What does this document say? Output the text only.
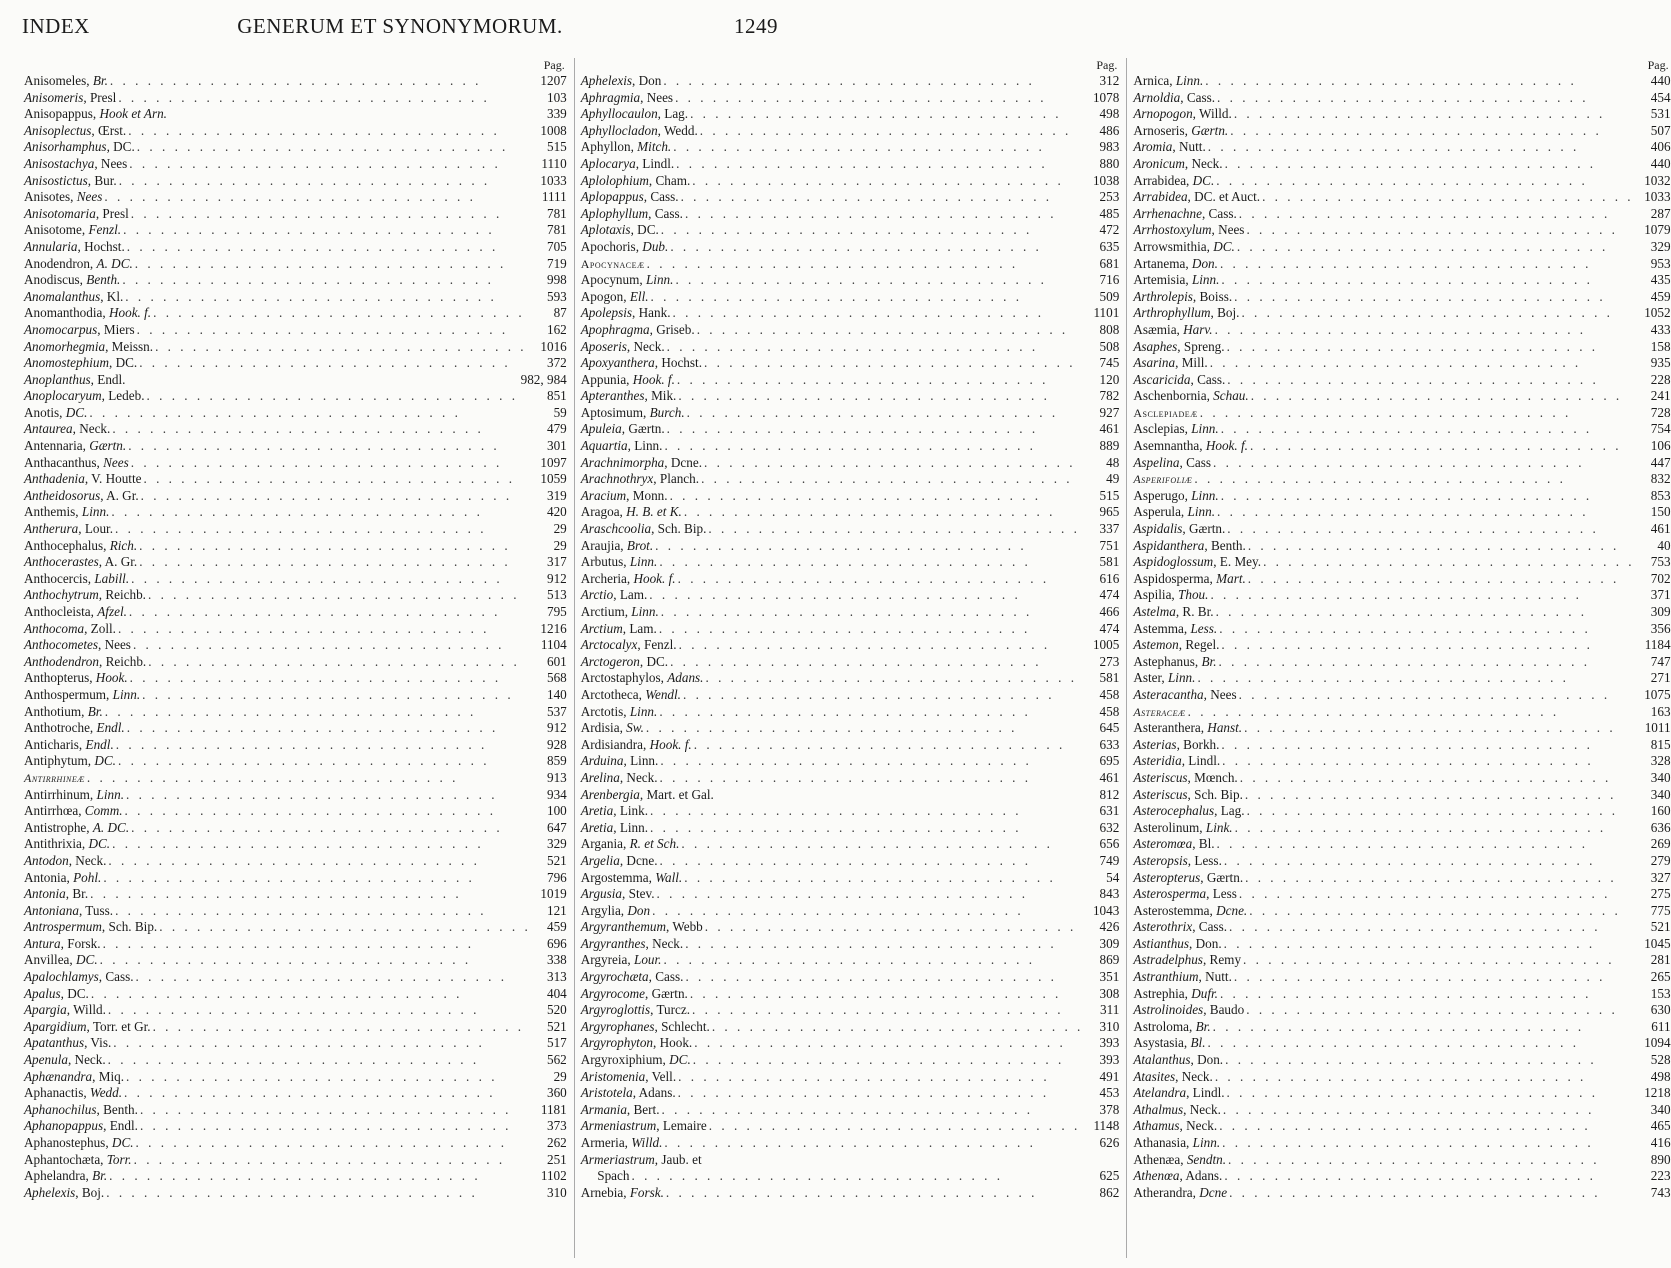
INDEX	GENERUM ET SYNONYMORUM.	1249
Pag.
Anisomeles, Br. . . .	1207
Anisomeris, Presl . . .	103
Anisopappus, Hook et Arn.	339
Anisoplectus, Œrst. . . .	1008
Anisorhamphus, DC. . . .	515
Anisostachya, Nees . . .	1110
Anisostictus, Bur. . . .	1033
Anisotes, Nees . . .	1111
Anisotomaria, Presl . . .	781
Anisotome, Fenzl. . . .	781
Annularia, Hochst. . . .	705
Anodendron, A. DC. . . .	719
Anodiscus, Benth. . . .	998
Anomalanthus, Kl. . . .	593
Anomanthodia, Hook. f. . . .	87
Anomocarpus, Miers . . .	162
Anomorhegmia, Meissn. . . .	1016
Anomostephium, DC. . . .	372
Anoplanthus, Endl.	982, 984
Anoplocaryum, Ledeb. . . .	851
Anotis, DC. . . .	59
Antaurea, Neck. . . .	479
Antennaria, Gærtn. . . .	301
Anthacanthus, Nees . . .	1097
Anthadenia, V. Houtte . . .	1059
Antheidosorus, A. Gr. . . .	319
Anthemis, Linn. . . .	420
Antherura, Lour. . . .	29
Anthocephalus, Rich. . . .	29
Anthocerastes, A. Gr. . . .	317
Anthocercis, Labill. . . .	912
Anthochytrum, Reichb. . . .	513
Anthocleista, Afzel. . . .	795
Anthocoma, Zoll. . . .	1216
Anthocometes, Nees . . .	1104
Anthodendron, Reichb. . . .	601
Anthopterus, Hook. . . .	568
Anthospermum, Linn. . . .	140
Anthotium, Br. . . .	537
Anthotroche, Endl. . . .	912
Anticharis, Endl. . . .	928
Antiphytum, DC. . . .	859
Antirrhineæ . . .	913
Antirrhinum, Linn. . . .	934
Antirrhœa, Comm. . . .	100
Antistrophe, A. DC. . . .	647
Antithrixia, DC. . . .	329
Antodon, Neck. . . .	521
Antonia, Pohl. . . .	796
Antonia, Br. . . .	1019
Antoniana, Tuss. . . .	121
Antrospermum, Sch. Bip. . . .	459
Antura, Forsk. . . .	696
Anvillea, DC. . . .	338
Apalochlamys, Cass. . . .	313
Apalus, DC. . . .	404
Apargia, Willd. . . .	520
Apargidium, Torr. et Gr. . . .	521
Apatanthus, Vis. . . .	517
Apenula, Neck. . . .	562
Aphænandra, Miq. . . .	29
Aphanactis, Wedd. . . .	360
Aphanochilus, Benth. . . .	1181
Aphanopappus, Endl. . . .	373
Aphanostephus, DC. . . .	262
Aphantochæta, Torr. . . .	251
Aphelandra, Br. . . .	1102
Aphelexis, Boj. . . .	310
Pag.
Aphelexis, Don . . .	312
Aphragmia, Nees . . .	1078
Aphyllocaulon, Lag. . . .	498
Aphyllocladon, Wedd. . . .	486
Aphyllon, Mitch. . . .	983
Aplocarya, Lindl. . . .	880
Aplolophium, Cham. . . .	1038
Aplopappus, Cass. . . .	253
Aplophyllum, Cass. . . .	485
Aplotaxis, DC. . . .	472
Apochoris, Dub. . . .	635
Apocynaceæ . . .	681
Apocynum, Linn. . . .	716
Apogon, Ell. . . .	509
Apolepsis, Hank. . . .	1101
Apophragma, Griseb. . . .	808
Aposeris, Neck. . . .	508
Apoxyanthera, Hochst. . . .	745
Appunia, Hook. f. . . .	120
Apteranthes, Mik. . . .	782
Aptosimum, Burch. . . .	927
Apuleia, Gærtn. . . .	461
Aquartia, Linn. . . .	889
Arachnimorpha, Dcne. . . .	48
Arachnothryx, Planch. . . .	49
Aracium, Monn. . . .	515
Aragoa, H. B. et K. . . .	965
Araschcoolia, Sch. Bip. . . .	337
Araujia, Brot. . . .	751
Arbutus, Linn. . . .	581
Archeria, Hook. f. . . .	616
Arctio, Lam. . . .	474
Arctium, Linn. . . .	466
Arctium, Lam. . . .	474
Arctocalyx, Fenzl. . . .	1005
Arctogeron, DC. . . .	273
Arctostaphylos, Adans. . . .	581
Arctotheca, Wendl. . . .	458
Arctotis, Linn. . . .	458
Ardisia, Sw. . . .	645
Ardisiandra, Hook. f. . . .	633
Arduina, Linn. . . .	695
Arelina, Neck. . . .	461
Arenbergia, Mart. et Gal.	812
Aretia, Link. . . .	631
Aretia, Linn. . . .	632
Argania, R. et Sch. . . .	656
Argelia, Dcne. . . .	749
Argostemma, Wall. . . .	54
Argusia, Stev. . . .	843
Argylia, Don . . .	1043
Argyranthemum, Webb . . .	426
Argyranthes, Neck. . . .	309
Argyreia, Lour. . . .	869
Argyrochæta, Cass. . . .	351
Argyrocome, Gærtn. . . .	308
Argyroglottis, Turcz. . . .	311
Argyrophanes, Schlecht. . . .	310
Argyrophyton, Hook. . . .	393
Argyroxiphium, DC. . . .	393
Aristomenia, Vell. . . .	491
Aristotela, Adans. . . .	453
Armania, Bert. . . .	378
Armeniastrum, Lemaire . . .	1148
Armeria, Willd. . . .	626
Armeriastrum, Jaub. et
Spach . . .	625
Arnebia, Forsk. . . .	862
Pag.
Arnica, Linn. . . .	440
Arnoldia, Cass. . . .	454
Arnopogon, Willd. . . .	531
Arnoseris, Gærtn. . . .	507
Aromia, Nutt. . . .	406
Aronicum, Neck. . . .	440
Arrabidea, DC. . . .	1032
Arrabidea, DC. et Auct. . . .	1033
Arrhenachne, Cass. . . .	287
Arrhostoxylum, Nees . . .	1079
Arrowsmithia, DC. . . .	329
Artanema, Don. . . .	953
Artemisia, Linn. . . .	435
Arthrolepis, Boiss. . . .	459
Arthrophyllum, Boj. . . .	1052
Asæmia, Harv. . . .	433
Asaphes, Spreng. . . .	158
Asarina, Mill. . . .	935
Ascaricida, Cass. . . .	228
Aschenbornia, Schau. . . .	241
Asclepiadeæ . . .	728
Asclepias, Linn. . . .	754
Asemnantha, Hook. f. . . .	106
Aspelina, Cass . . .	447
Asperifoliæ . . .	832
Asperugo, Linn. . . .	853
Asperula, Linn. . . .	150
Aspidalis, Gærtn. . . .	461
Aspidanthera, Benth. . . .	40
Aspidoglossum, E. Mey. . . .	753
Aspidosperma, Mart. . . .	702
Aspilia, Thou. . . .	371
Astelma, R. Br. . . .	309
Astemma, Less. . . .	356
Astemon, Regel. . . .	1184
Astephanus, Br. . . .	747
Aster, Linn. . . .	271
Asteracantha, Nees . . .	1075
Asteraceæ . . .	163
Asteranthera, Hanst. . . .	1011
Asterias, Borkh. . . .	815
Asteridia, Lindl. . . .	328
Asteriscus, Mœnch. . . .	340
Asteriscus, Sch. Bip. . . .	340
Asterocephalus, Lag. . . .	160
Asterolinum, Link. . . .	636
Asteromœa, Bl. . . .	269
Asteropsis, Less. . . .	279
Asteropterus, Gærtn. . . .	327
Asterosperma, Less . . .	275
Asterostemma, Dcne. . . .	775
Asterothrix, Cass. . . .	521
Astianthus, Don. . . .	1045
Astradelphus, Remy . . .	281
Astranthium, Nutt. . . .	265
Astrephia, Dufr. . . .	153
Astrolinoides, Baudo . . .	630
Astroloma, Br. . . .	611
Asystasia, Bl. . . .	1094
Atalanthus, Don. . . .	528
Atasites, Neck. . . .	498
Atelandra, Lindl. . . .	1218
Athalmus, Neck. . . .	340
Athamus, Neck. . . .	465
Athanasia, Linn. . . .	416
Athenæa, Sendtn. . . .	890
Athenœa, Adans. . . .	223
Atherandra, Dcne . . .	743
